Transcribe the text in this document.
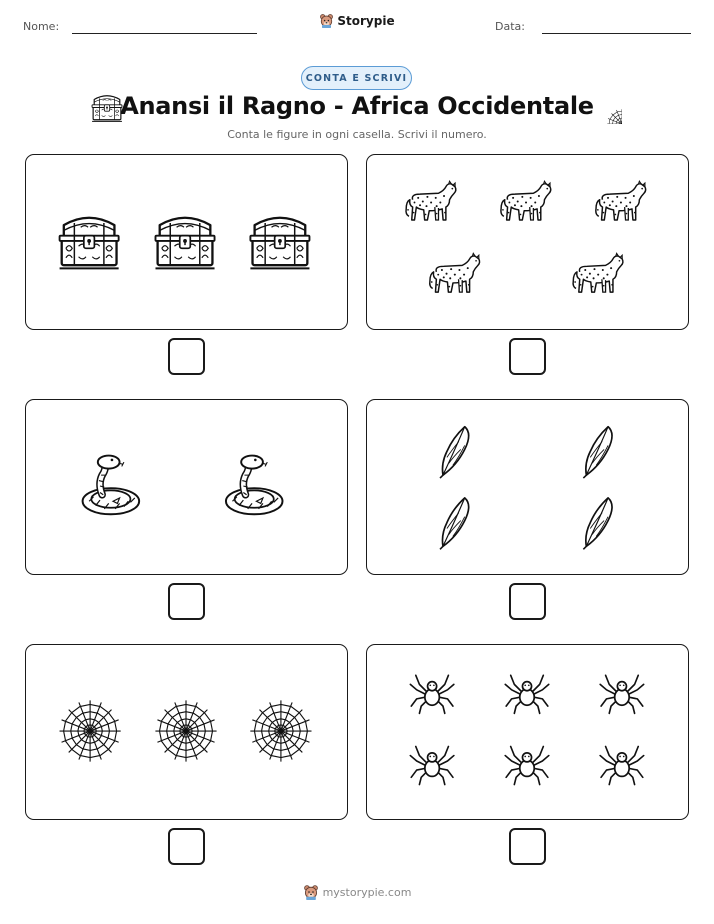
Nome:	Storypie	Data:
CONTA E SCRIVI
Anansi il Ragno - Africa Occidentale
Conta le figure in ogni casella. Scrivi il numero.
mystorypie.com
